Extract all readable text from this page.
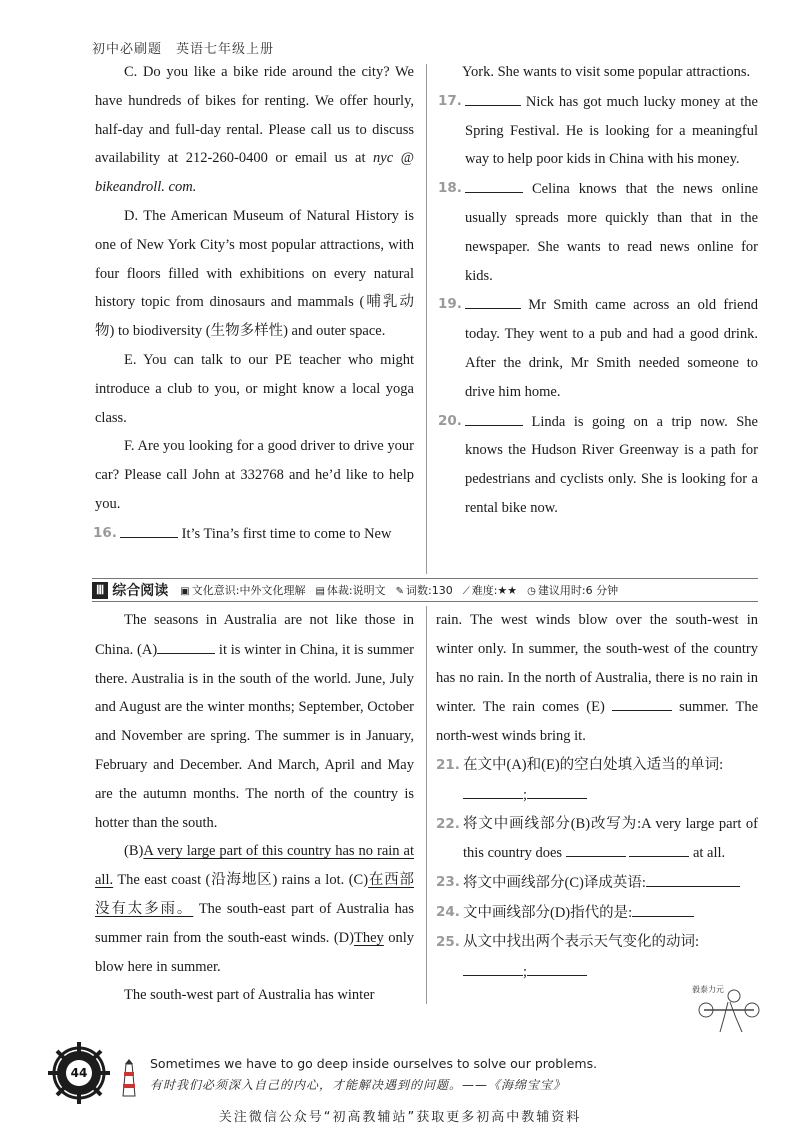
初中必刷题 英语七年级上册

C. Do you like a bike ride around the city? We have hundreds of bikes for renting. We offer hourly, half-day and full-day rental. Please call us to discuss availability at 212-260-0400 or email us at nyc @ bikeandroll. com.

D. The American Museum of Natural History is one of New York City’s most popular attractions, with four floors filled with exhibitions on every natural history topic from dinosaurs and mammals (哺乳动物) to biodiversity (生物多样性) and outer space.

E. You can talk to our PE teacher who might introduce a club to you, or might know a local yoga class.

F. Are you looking for a good driver to drive your car? Please call John at 332768 and he’d like to help you.

16.	It’s Tina’s first time to come to New

York. She wants to visit some popular attractions.

17.	Nick has got much lucky money at the Spring Festival. He is looking for a meaningful way to help poor kids in China with his money.

18.	Celina knows that the news online usually spreads more quickly than that in the newspaper. She wants to read news online for kids.

19.	Mr Smith came across an old friend today. They went to a pub and had a good drink. After the drink, Mr Smith needed someone to drive him home.

20.	Linda is going on a trip now. She knows the Hudson River Greenway is a path for pedestrians and cyclists only. She is looking for a rental bike now.

Ⅲ 综合阅读 ▣ 文化意识:中外文化理解 ▤ 体裁:说明文 ✎ 词数:130 ⟋ 难度:★★ ◷ 建议用时:6 分钟

The seasons in Australia are not like those in China. (A)	it is winter in China, it is summer there. Australia is in the south of the world. June, July and August are the winter months; September, October and November are spring. The summer is in January, February and December. And March, April and May are the autumn months. The north of the country is hotter than the south.

(B)A very large part of this country has no rain at all. The east coast (沿海地区) rains a lot. (C)在西部没有太多雨。 The south-east part of Australia has summer rain from the south-east winds. (D)They only blow here in summer.

The south-west part of Australia has winter

rain. The west winds blow over the south-west in winter only. In summer, the south-west of the country has no rain. In the north of Australia, there is no rain in winter. The rain comes (E)	summer. The north-west winds bring it.

21. 在文中(A)和(E)的空白处填入适当的单词:
;

22. 将文中画线部分(B)改写为:A very large part of this country does	at all.

23. 将文中画线部分(C)译成英语:

24. 文中画线部分(D)指代的是:

25. 从文中找出两个表示天气变化的动词:
;

毅泰力元
44
Sometimes we have to go deep inside ourselves to solve our problems.
有时我们必须深入自己的内心，才能解决遇到的问题。——《海绵宝宝》
关注微信公众号“初高教辅站”获取更多初高中教辅资料
